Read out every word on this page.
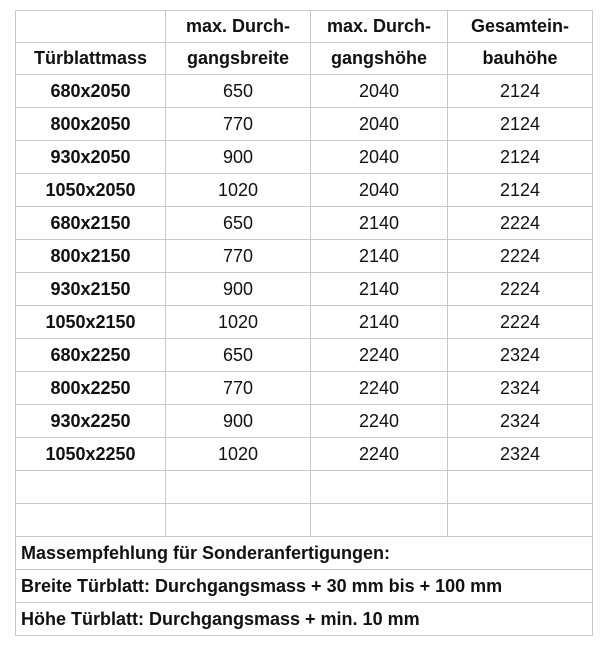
	max. Durch-	max. Durch-	Gesamtein-
Türblattmass	gangsbreite	gangshöhe	bauhöhe
680x2050	650	2040	2124
800x2050	770	2040	2124
930x2050	900	2040	2124
1050x2050	1020	2040	2124
680x2150	650	2140	2224
800x2150	770	2140	2224
930x2150	900	2140	2224
1050x2150	1020	2140	2224
680x2250	650	2240	2324
800x2250	770	2240	2324
930x2250	900	2240	2324
1050x2250	1020	2240	2324

Massempfehlung für Sonderanfertigungen:			
Breite Türblatt: Durchgangsmass + 30 mm bis + 100 mm			
Höhe Türblatt: Durchgangsmass + min. 10 mm			
